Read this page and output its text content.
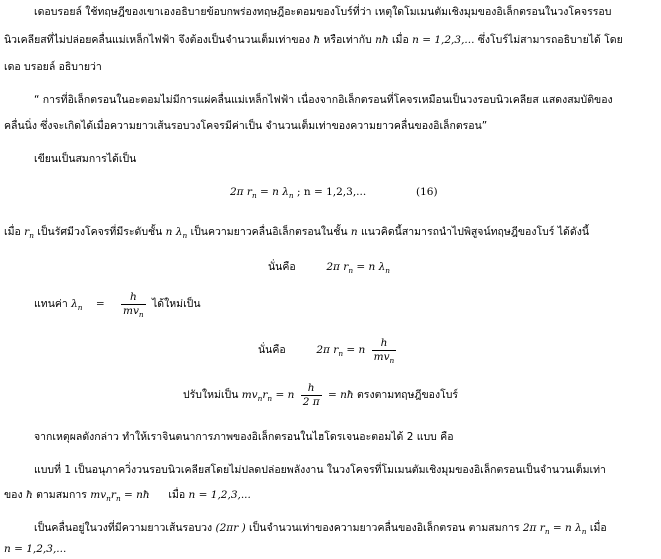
เดอบรอยล์ ใช้ทฤษฎีของเขาเองอธิบายข้อบกพร่องทฤษฎีอะตอมของโบร์ที่ว่า เหตุใดโมเมนตัมเชิงมุมของอิเล็กตรอนในวงโคจรรอบ
นิวเคลียสที่ไม่ปล่อยคลื่นแม่เหล็กไฟฟ้า จึงต้องเป็นจำนวนเต็มเท่าของ ħ หรือเท่ากับ nħ เมื่อ n = 1,2,3,... ซึ่งโบร์ไม่สามารถอธิบายได้ โดย
เดอ บรอยล์ อธิบายว่า
“ การที่อิเล็กตรอนในอะตอมไม่มีการแผ่คลื่นแม่เหล็กไฟฟ้า เนื่องจากอิเล็กตรอนที่โคจรเหมือนเป็นวงรอบนิวเคลียส แสดงสมบัติของ
คลื่นนิ่ง ซึ่งจะเกิดได้เมื่อความยาวเส้นรอบวงโคจรมีค่าเป็น จำนวนเต็มเท่าของความยาวคลื่นของอิเล็กตรอน”
เขียนเป็นสมการได้เป็น
2π $r_n = n$ $\lambda_n$ ; n = 1,2,3,...	(16)
เมื่อ $r_n$ เป็นรัศมีวงโคจรที่มีระดับชั้น n $\lambda_n$ เป็นความยาวคลื่นอิเล็กตรอนในชั้น n แนวคิดนี้สามารถนำไปพิสูจน์ทฤษฎีของโบร์ ได้ดังนี้
นั่นคือ	2π $r_n = n$ $\lambda_n$
แทนค่า $\lambda_n = \frac{h}{mv_n}$ ได้ใหม่เป็น
นั่นคือ	2π $r_n = n \frac{h}{mv_n}$
ปรับใหม่เป็น $mv_nr_n = n \frac{h}{2 \pi}$ = nħ ตรงตามทฤษฎีของโบร์
จากเหตุผลดังกล่าว ทำให้เราจินตนาการภาพของอิเล็กตรอนในไฮโดรเจนอะตอมได้ 2 แบบ คือ
แบบที่ 1 เป็นอนุภาควิ่งวนรอบนิวเคลียสโดยไม่ปลดปล่อยพลังงาน ในวงโคจรที่โมเมนตัมเชิงมุมของอิเล็กตรอนเป็นจำนวนเต็มเท่า
ของ ħ ตามสมการ $mv_nr_n$ = nħ เมื่อ n = 1,2,3,...
เป็นคลื่นอยู่ในวงที่มีความยาวเส้นรอบวง (2πr ) เป็นจำนวนเท่าของความยาวคลื่นของอิเล็กตรอน ตามสมการ 2π $r_n = n$ $\lambda_n$ เมื่อ
n = 1,2,3,...
